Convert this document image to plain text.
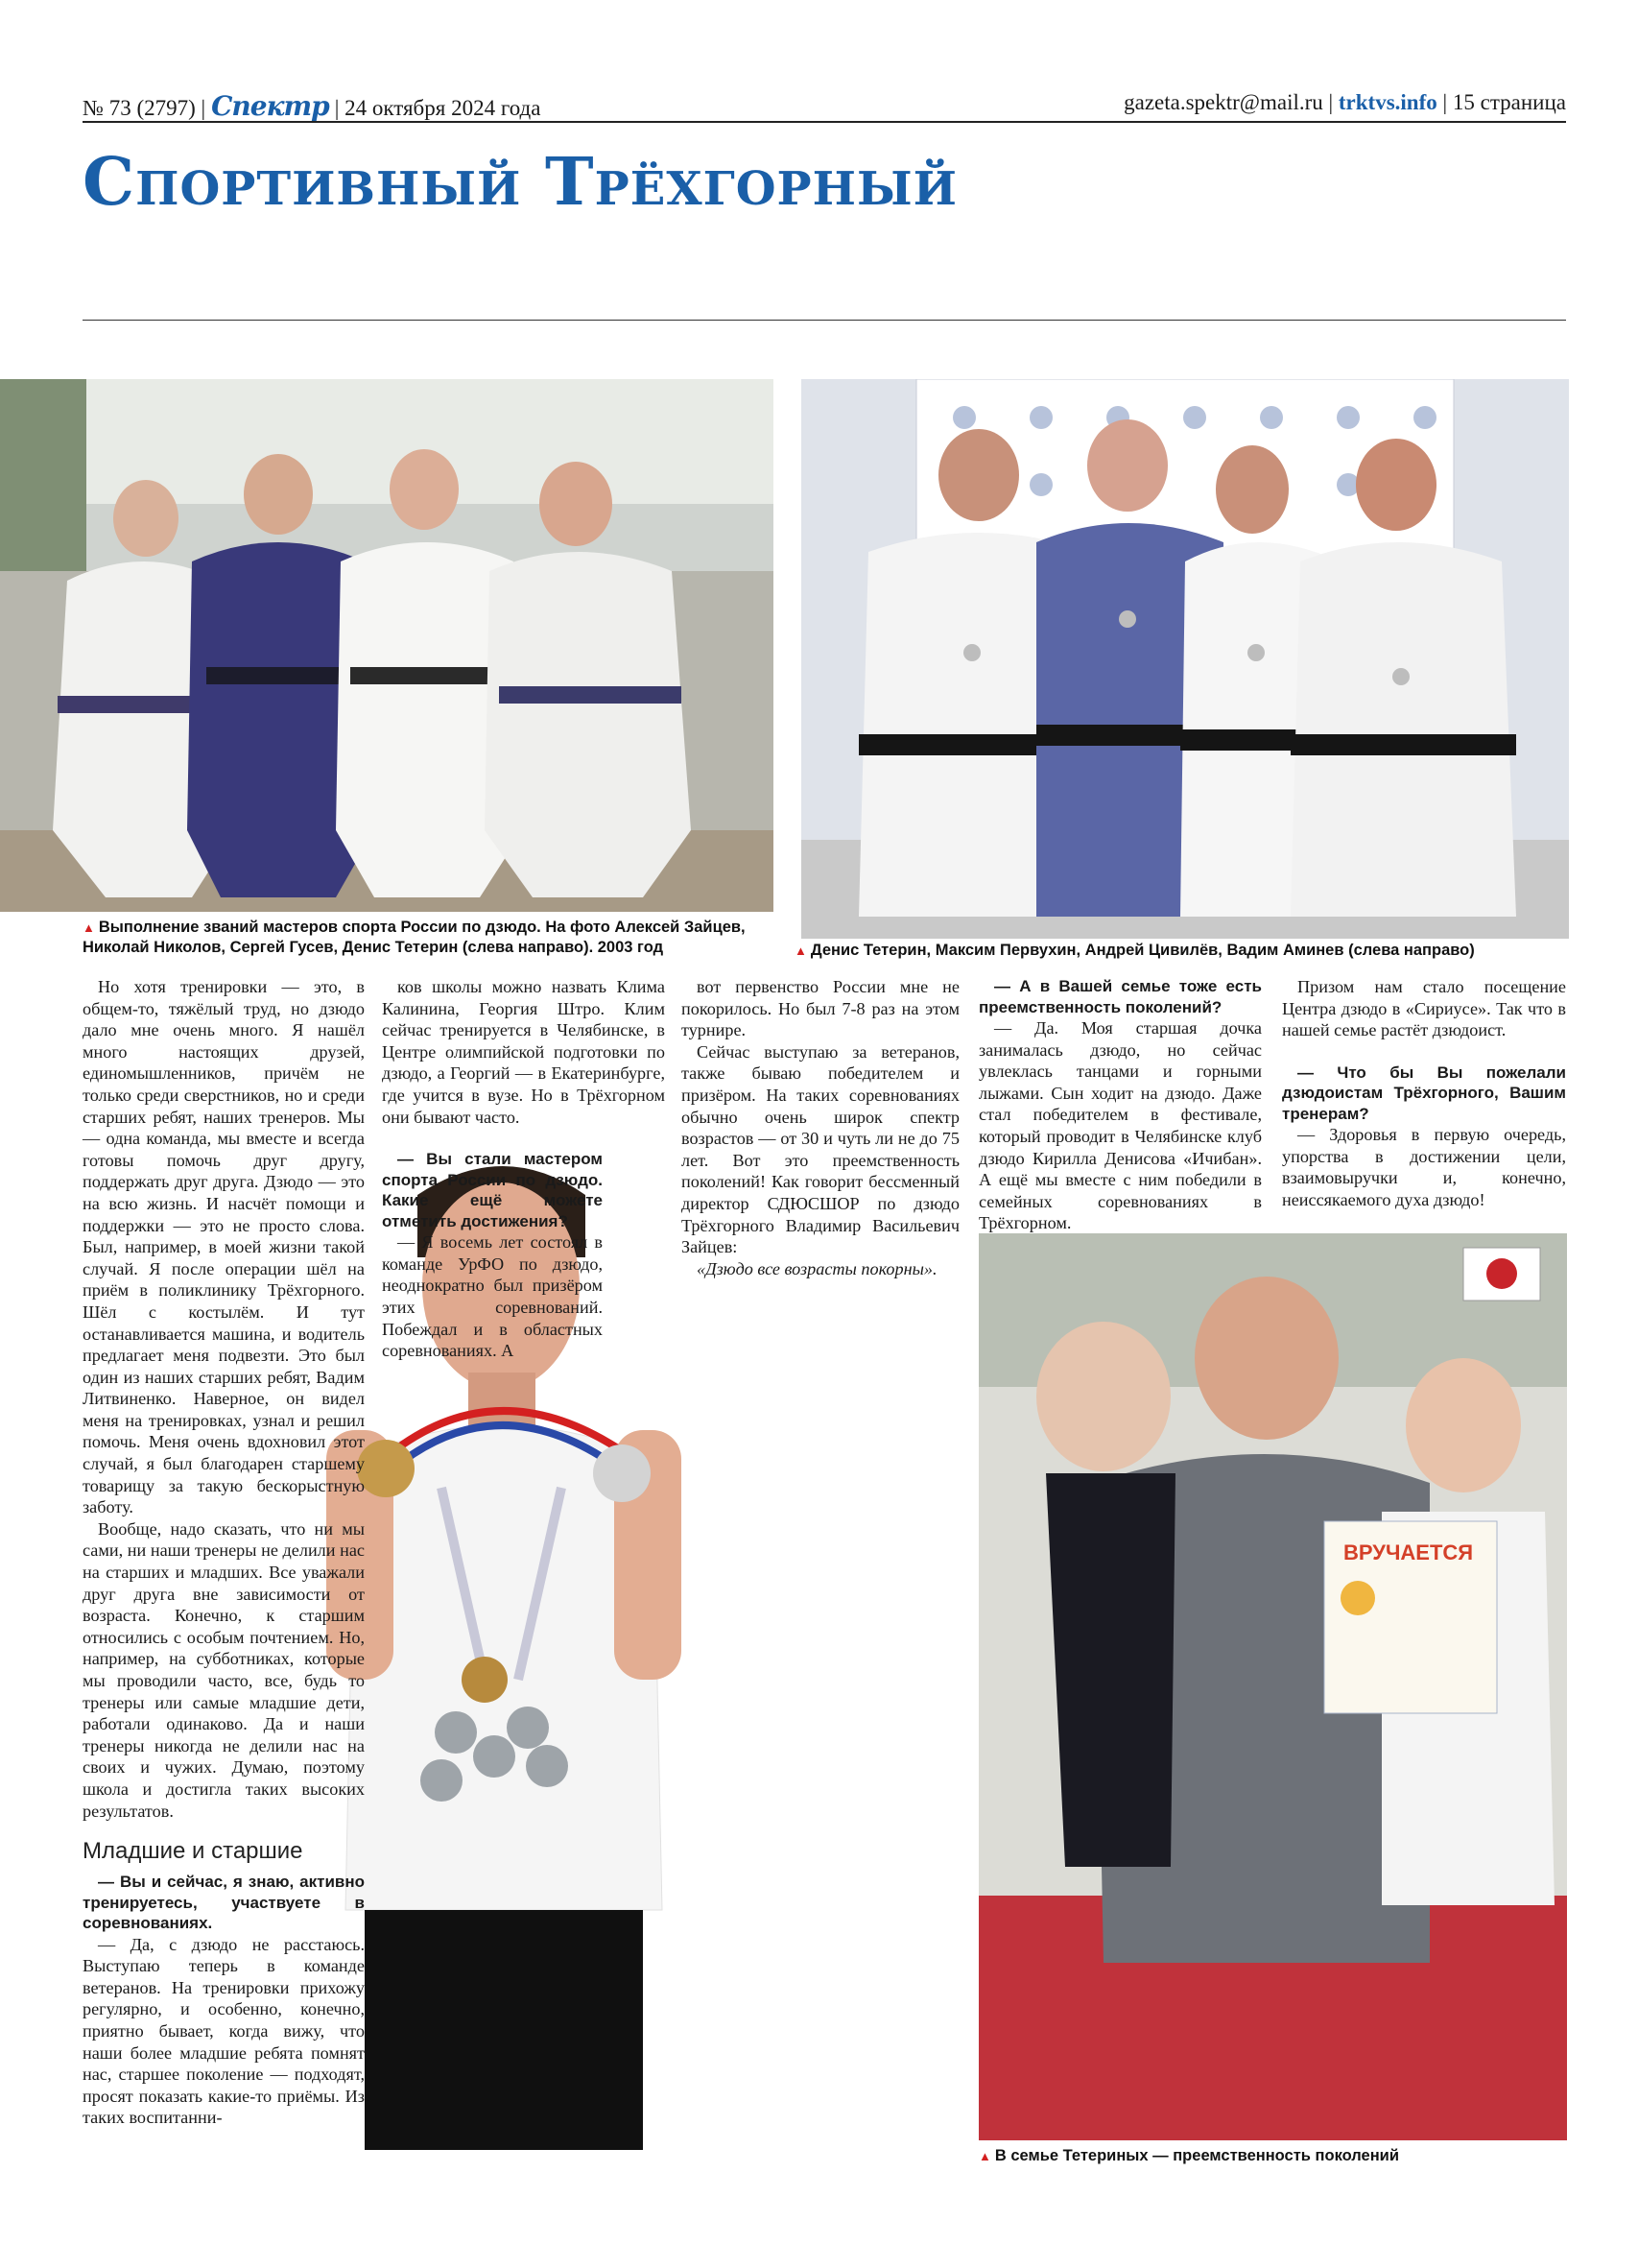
№ 73 (2797) | Спектр | 24 октября 2024 года	gazeta.spektr@mail.ru | trktvs.info | 15 страница
Спортивный Трёхгорный
▲ Выполнение званий мастеров спорта России по дзюдо. На фото Алексей Зайцев, Николай Николов, Сергей Гусев, Денис Тетерин (слева направо). 2003 год	▲ Денис Тетерин, Максим Первухин, Андрей Цивилёв, Вадим Аминев (слева направо)
ВРУЧАЕТСЯ
▲ В семье Тетериных — преемственность поколений

Но хотя тренировки — это, в общем-то, тяжёлый труд, но дзюдо дало мне очень много. Я нашёл много настоящих друзей, единомышленников, причём не только среди сверстников, но и среди старших ребят, наших тренеров. Мы — одна команда, мы вместе и всегда готовы помочь друг другу, поддержать друг друга. Дзюдо — это на всю жизнь. И насчёт помощи и поддержки — это не просто слова. Был, например, в моей жизни такой случай. Я после операции шёл на приём в поликлинику Трёхгорного. Шёл с костылём. И тут останавливается машина, и водитель предлагает меня подвезти. Это был один из наших старших ребят, Вадим Литвиненко. Наверное, он видел меня на тренировках, узнал и решил помочь. Меня очень вдохновил этот случай, я был благодарен старшему товарищу за такую бескорыстную заботу.

Вообще, надо сказать, что ни мы сами, ни наши тренеры не делили нас на старших и младших. Все уважали друг друга вне зависимости от возраста. Конечно, к старшим относились с особым почтением. Но, например, на субботниках, которые мы проводили часто, все, будь то тренеры или самые младшие дети, работали одинаково. Да и наши тренеры никогда не делили нас на своих и чужих. Думаю, поэтому школа и достигла таких высоких результатов.

Младшие и старшие

— Вы и сейчас, я знаю, активно тренируетесь, участвуете в соревнованиях.

— Да, с дзюдо не расстаюсь. Выступаю теперь в команде ветеранов. На тренировки прихожу регулярно, и особенно, конечно, приятно бывает, когда вижу, что наши более младшие ребята помнят нас, старшее поколение — подходят, просят показать какие-то приёмы. Из таких воспитанни-

ков школы можно назвать Клима Калинина, Георгия Штро. Клим сейчас тренируется в Челябинске, в Центре олимпийской подготовки по дзюдо, а Георгий — в Екатеринбурге, где учится в вузе. Но в Трёхгорном они бывают часто.

— Вы стали мастером спорта России по дзюдо. Какие ещё можете отметить достижения?

— Я восемь лет состоял в команде УрФО по дзюдо, неоднократно был призёром этих соревнований. Побеждал и в областных соревнованиях. А

вот первенство России мне не покорилось. Но был 7-8 раз на этом турнире.

Сейчас выступаю за ветеранов, также бываю победителем и призёром. На таких соревнованиях обычно очень широк спектр возрастов — от 30 и чуть ли не до 75 лет. Вот это преемственность поколений! Как говорит бессменный директор СДЮСШОР по дзюдо Трёхгорного Владимир Васильевич Зайцев:

«Дзюдо все возрасты покорны».

— А в Вашей семье тоже есть преемственность поколений?

— Да. Моя старшая дочка занималась дзюдо, но сейчас увлеклась танцами и горными лыжами. Сын ходит на дзюдо. Даже стал победителем в фестивале, который проводит в Челябинске клуб дзюдо Кирилла Денисова «Ичибан». А ещё мы вместе с ним победили в семейных соревнованиях в Трёхгорном.

Призом нам стало посещение Центра дзюдо в «Сириусе». Так что в нашей семье растёт дзюдоист.

— Что бы Вы пожелали дзюдоистам Трёхгорного, Вашим тренерам?

— Здоровья в первую очередь, упорства в достижении цели, взаимовыручки и, конечно, неиссякаемого духа дзюдо!
